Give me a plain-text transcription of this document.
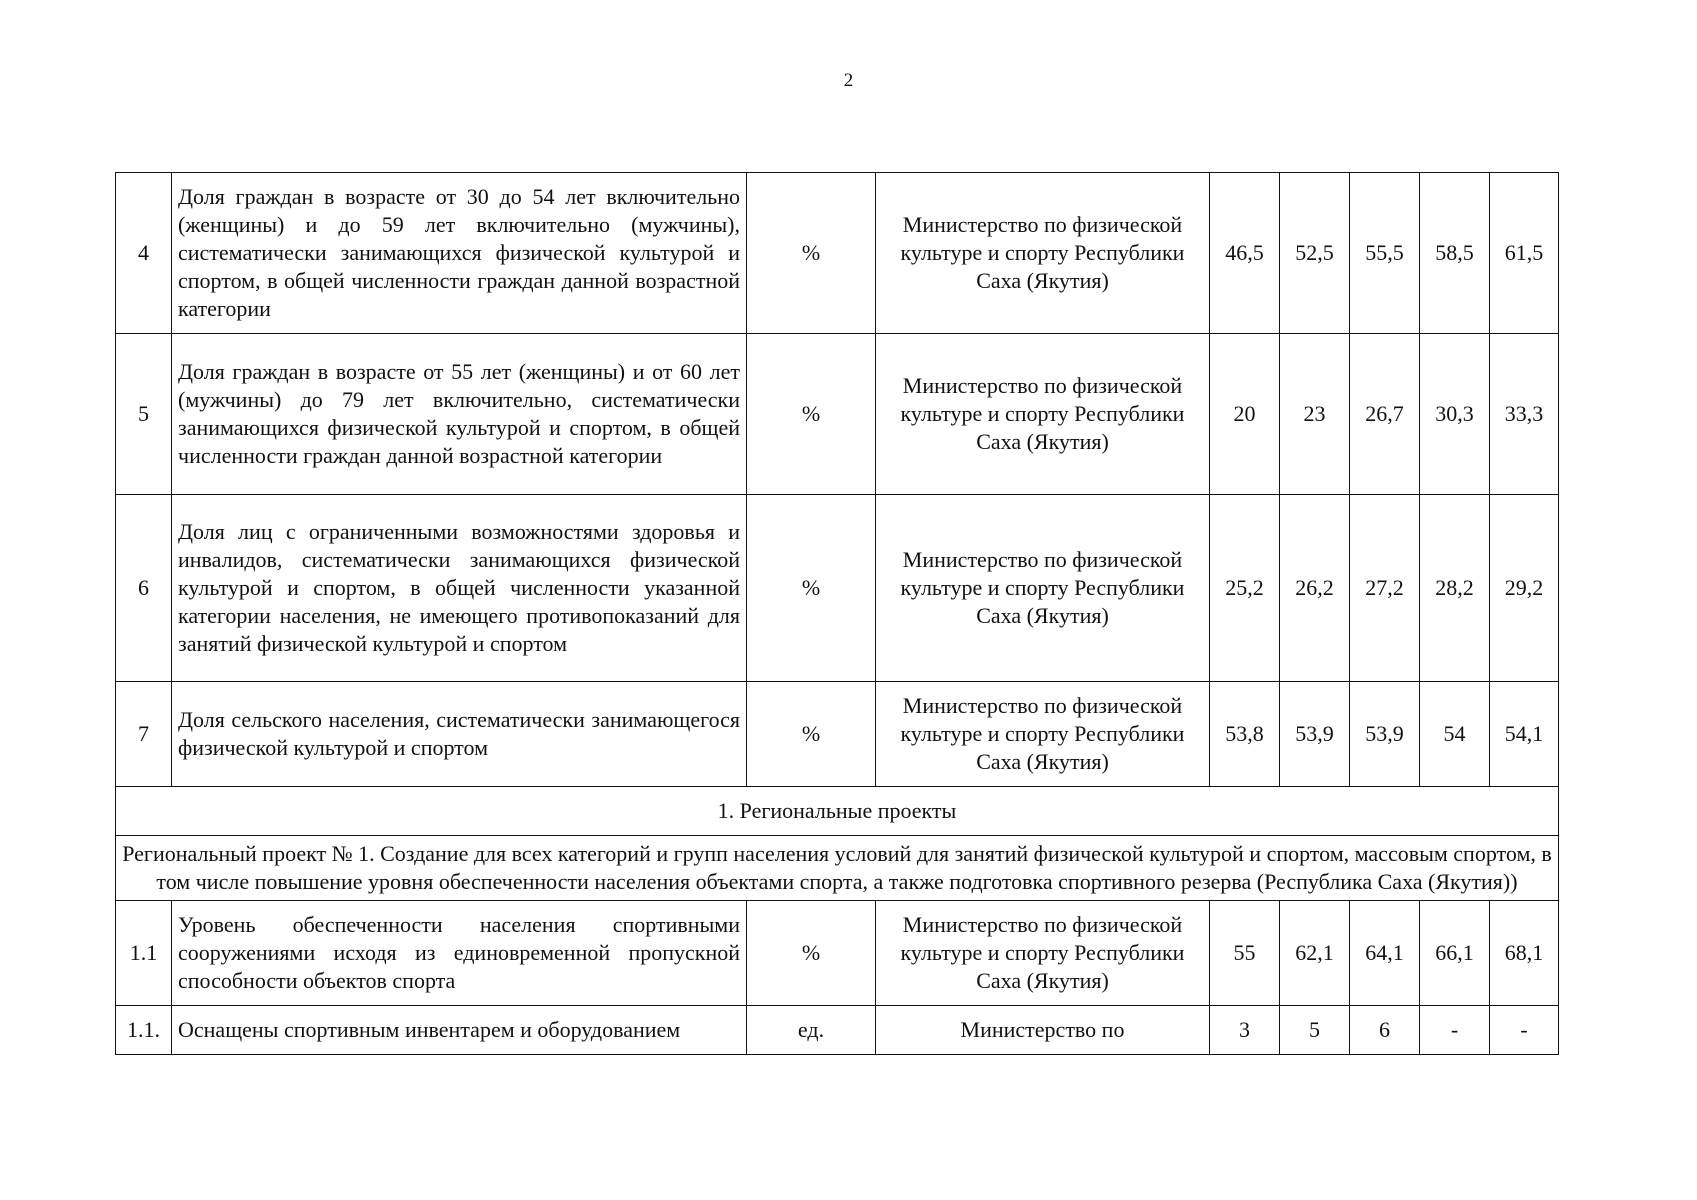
2
4	Доля граждан в возрасте от 30 до 54 лет включительно (женщины) и до 59 лет включительно (мужчины), систематически занимающихся физической культурой и спортом, в общей численности граждан данной возрастной категории	%	Министерство по физической культуре и спорту Республики Саха (Якутия)	46,5	52,5	55,5	58,5	61,5
5	Доля граждан в возрасте от 55 лет (женщины) и от 60 лет (мужчины) до 79 лет включительно, систематически занимающихся физической культурой и спортом, в общей численности граждан данной возрастной категории	%	Министерство по физической культуре и спорту Республики Саха (Якутия)	20	23	26,7	30,3	33,3
6	Доля лиц с ограниченными возможностями здоровья и инвалидов, систематически занимающихся физической культурой и спортом, в общей численности указанной категории населения, не имеющего противопоказаний для занятий физической культурой и спортом	%	Министерство по физической культуре и спорту Республики Саха (Якутия)	25,2	26,2	27,2	28,2	29,2
7	Доля сельского населения, систематически занимающегося физической культурой и спортом	%	Министерство по физической культуре и спорту Республики Саха (Якутия)	53,8	53,9	53,9	54	54,1
1. Региональные проекты								
Региональный проект № 1. Создание для всех категорий и групп населения условий для занятий физической культурой и спортом, массовым спортом, в том числе повышение уровня обеспеченности населения объектами спорта, а также подготовка спортивного резерва (Республика Саха (Якутия))								
1.1	Уровень обеспеченности населения спортивными сооружениями исходя из единовременной пропускной способности объектов спорта	%	Министерство по физической культуре и спорту Республики Саха (Якутия)	55	62,1	64,1	66,1	68,1
1.1.	Оснащены спортивным инвентарем и оборудованием	ед.	Министерство по	3	5	6	-	-
